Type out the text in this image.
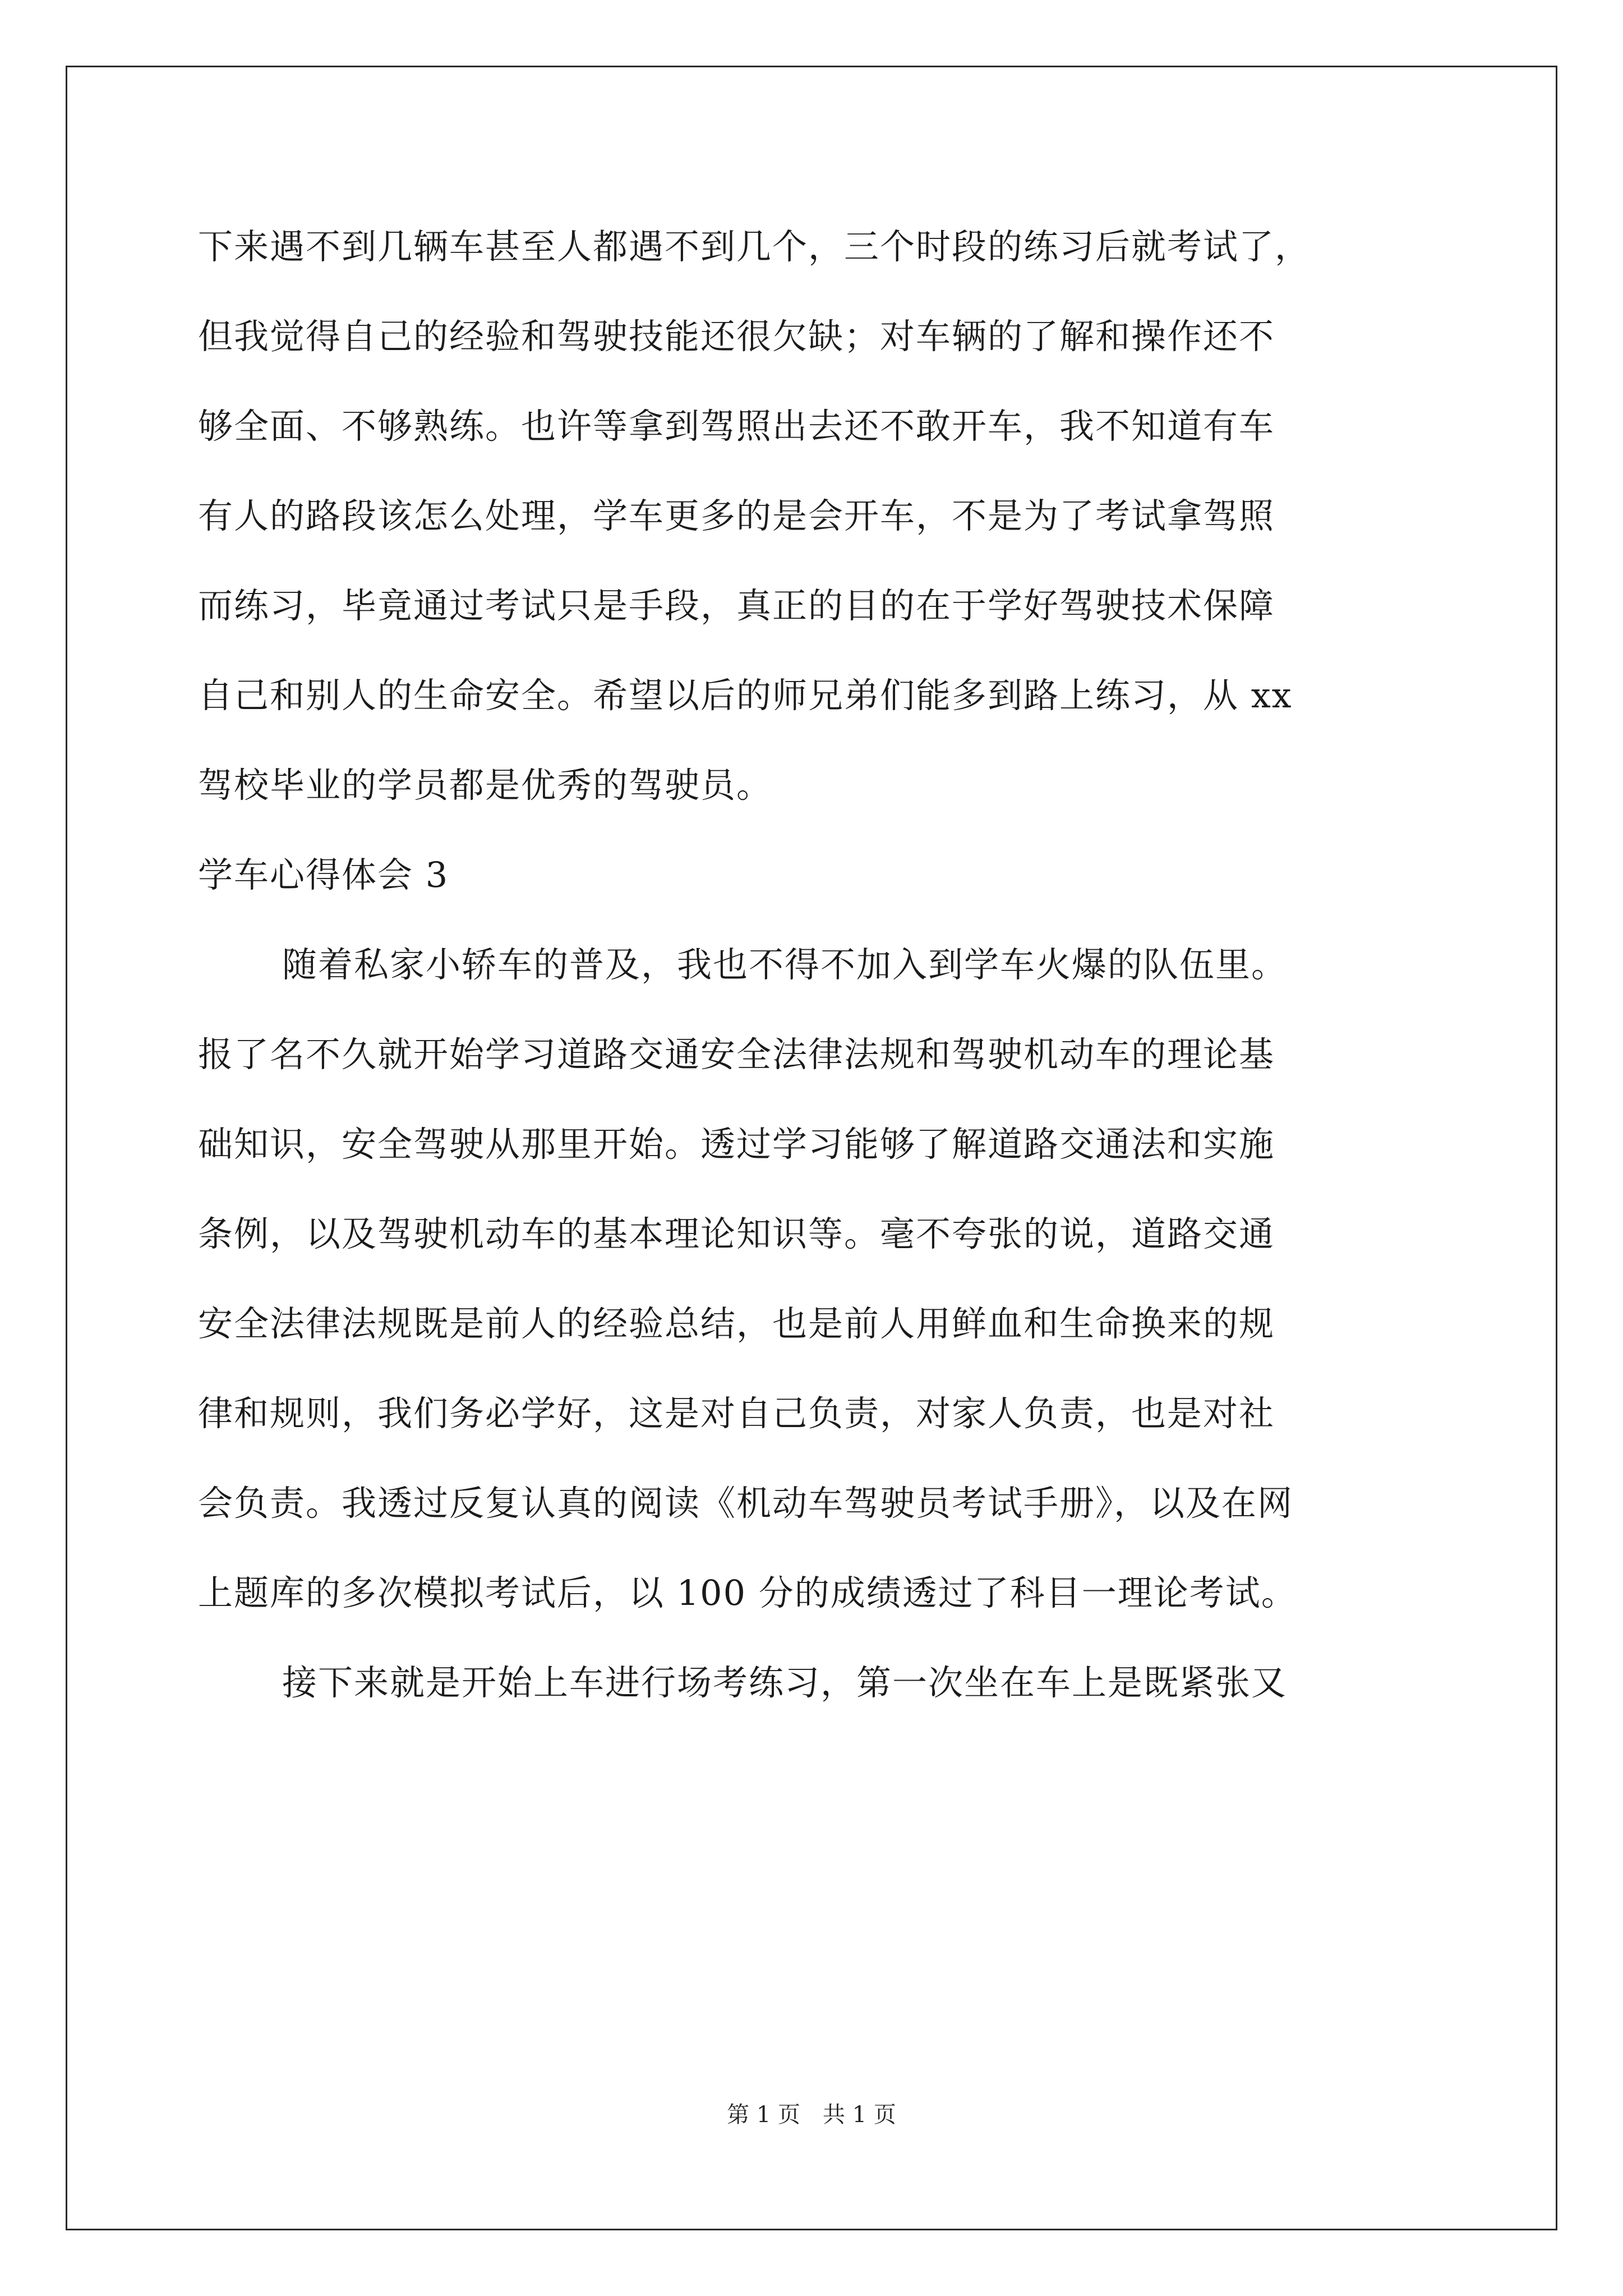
下来遇不到几辆车甚至人都遇不到几个，三个时段的练习后就考试了，
但我觉得自己的经验和驾驶技能还很欠缺；对车辆的了解和操作还不
够全面、不够熟练。也许等拿到驾照出去还不敢开车，我不知道有车
有人的路段该怎么处理，学车更多的是会开车，不是为了考试拿驾照
而练习，毕竟通过考试只是手段，真正的目的在于学好驾驶技术保障
自己和别人的生命安全。希望以后的师兄弟们能多到路上练习，从 xx
驾校毕业的学员都是优秀的驾驶员。
学车心得体会 3
随着私家小轿车的普及，我也不得不加入到学车火爆的队伍里。
报了名不久就开始学习道路交通安全法律法规和驾驶机动车的理论基
础知识，安全驾驶从那里开始。透过学习能够了解道路交通法和实施
条例，以及驾驶机动车的基本理论知识等。毫不夸张的说，道路交通
安全法律法规既是前人的经验总结，也是前人用鲜血和生命换来的规
律和规则，我们务必学好，这是对自己负责，对家人负责，也是对社
会负责。我透过反复认真的阅读《机动车驾驶员考试手册》，以及在网
上题库的多次模拟考试后，以 100 分的成绩透过了科目一理论考试。
接下来就是开始上车进行场考练习，第一次坐在车上是既紧张又
第 1 页　共 1 页
